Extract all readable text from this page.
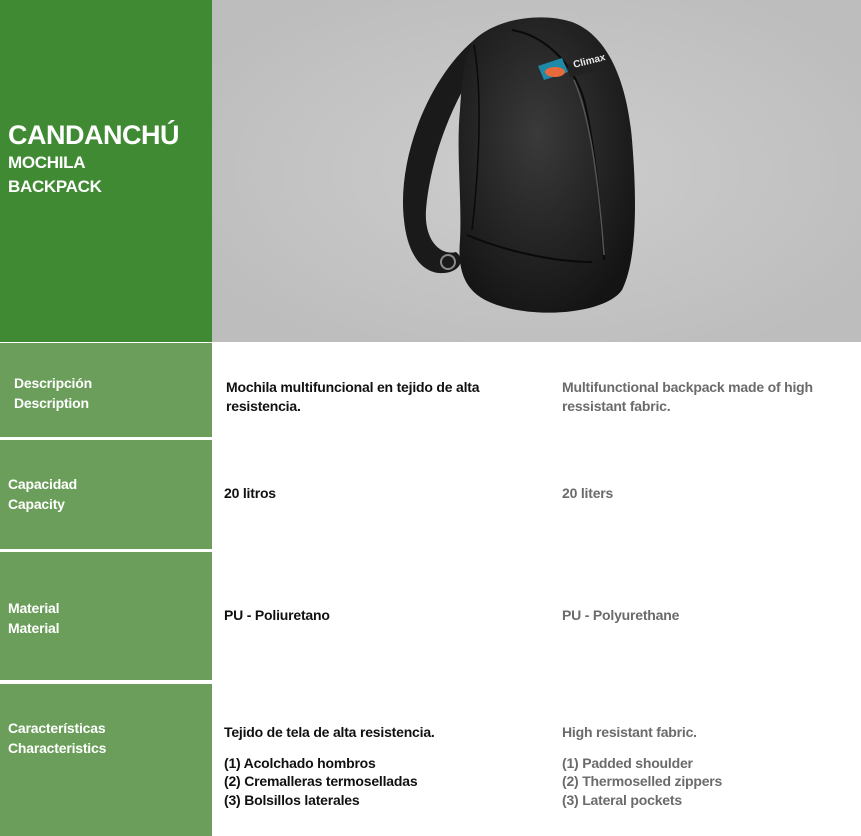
CANDANCHÚ
MOCHILA
BACKPACK
Climax
Descripción
Description
Mochila multifuncional en tejido de alta resistencia.
Multifunctional backpack made of high ressistant fabric.
Capacidad
Capacity
20 litros	20 liters
Material
Material
PU - Poliuretano	PU - Polyurethane
Características
Characteristics
Tejido de tela de alta resistencia.
(1) Acolchado hombros
(2) Cremalleras termoselladas
(3) Bolsillos laterales
High resistant fabric.
(1) Padded shoulder
(2) Thermoselled zippers
(3) Lateral pockets
